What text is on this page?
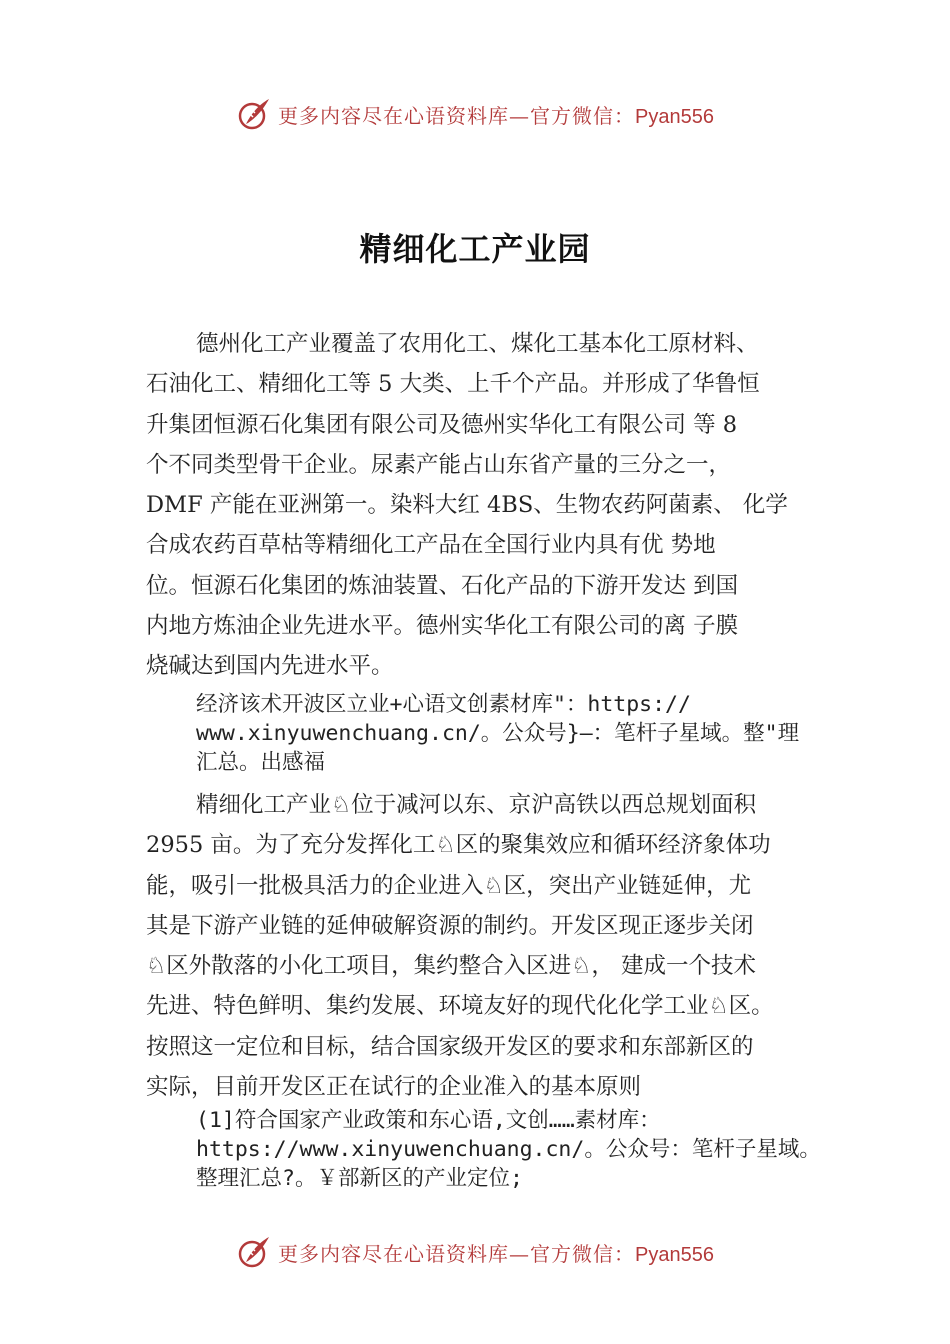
更多内容尽在心语资料库—官方微信：Pyan556
精细化工产业园
德州化工产业覆盖了农用化工、煤化工基本化工原材料、
石油化工、精细化工等 5 大类、上千个产品。并形成了华鲁恒
升集团恒源石化集团有限公司及德州实华化工有限公司 等 8
个不同类型骨干企业。尿素产能占山东省产量的三分之一，
DMF 产能在亚洲第一。染料大红 4BS、生物农药阿菌素、 化学
合成农药百草枯等精细化工产品在全国行业内具有优 势地
位。恒源石化集团的炼油装置、石化产品的下游开发达 到国
内地方炼油企业先进水平。德州实华化工有限公司的离 子膜
烧碱达到国内先进水平。
经济该术开波区立业+心语文创素材库"：https://
www.xinyuwenchuang.cn/。公众号}—：笔杆子星域。整"理
汇总。出感福
精细化工产业♘位于减河以东、京沪高铁以西总规划面积
2955 亩。为了充分发挥化工♘区的聚集效应和循环经济象体功
能，吸引一批极具活力的企业进入♘区，突出产业链延伸，尤
其是下游产业链的延伸破解资源的制约。开发区现正逐步关闭
♘区外散落的小化工项目，集约整合入区进♘， 建成一个技术
先进、特色鲜明、集约发展、环境友好的现代化化学工业♘区。
按照这一定位和目标，结合国家级开发区的要求和东部新区的
实际，目前开发区正在试行的企业准入的基本原则
(1]符合国家产业政策和东心语,文创……素材库：
https://www.xinyuwenchuang.cn/。公众号：笔杆子星域。
整理汇总?。￥部新区的产业定位;
更多内容尽在心语资料库—官方微信：Pyan556
